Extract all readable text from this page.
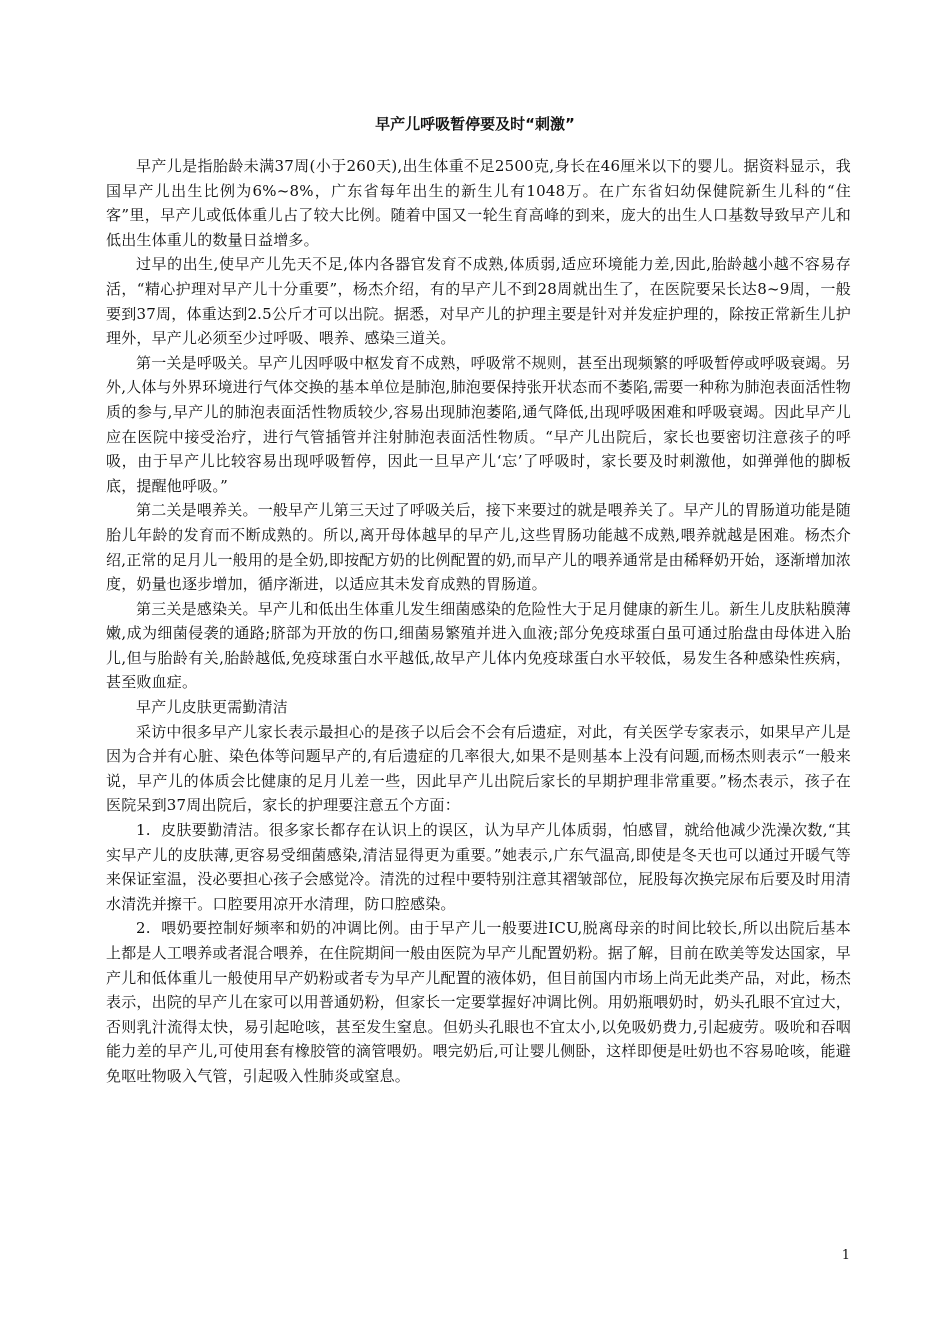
早产儿呼吸暂停要及时“刺激”

早产儿是指胎龄未满37周(小于260天),出生体重不足2500克,身长在46厘米以下的婴儿。据资料显示，我国早产儿出生比例为6%~8%，广东省每年出生的新生儿有1048万。在广东省妇幼保健院新生儿科的“住客”里，早产儿或低体重儿占了较大比例。随着中国又一轮生育高峰的到来，庞大的出生人口基数导致早产儿和低出生体重儿的数量日益增多。

过早的出生,使早产儿先天不足,体内各器官发育不成熟,体质弱,适应环境能力差,因此,胎龄越小越不容易存活，“精心护理对早产儿十分重要”，杨杰介绍，有的早产儿不到28周就出生了，在医院要呆长达8~9周，一般要到37周，体重达到2.5公斤才可以出院。据悉，对早产儿的护理主要是针对并发症护理的，除按正常新生儿护理外，早产儿必须至少过呼吸、喂养、感染三道关。

第一关是呼吸关。早产儿因呼吸中枢发育不成熟，呼吸常不规则，甚至出现频繁的呼吸暂停或呼吸衰竭。另外,人体与外界环境进行气体交换的基本单位是肺泡,肺泡要保持张开状态而不萎陷,需要一种称为肺泡表面活性物质的参与,早产儿的肺泡表面活性物质较少,容易出现肺泡萎陷,通气降低,出现呼吸困难和呼吸衰竭。因此早产儿应在医院中接受治疗，进行气管插管并注射肺泡表面活性物质。“早产儿出院后，家长也要密切注意孩子的呼吸，由于早产儿比较容易出现呼吸暂停，因此一旦早产儿‘忘’了呼吸时，家长要及时刺激他，如弹弹他的脚板底，提醒他呼吸。”

第二关是喂养关。一般早产儿第三天过了呼吸关后，接下来要过的就是喂养关了。早产儿的胃肠道功能是随胎儿年龄的发育而不断成熟的。所以,离开母体越早的早产儿,这些胃肠功能越不成熟,喂养就越是困难。杨杰介绍,正常的足月儿一般用的是全奶,即按配方奶的比例配置的奶,而早产儿的喂养通常是由稀释奶开始，逐渐增加浓度，奶量也逐步增加，循序渐进，以适应其未发育成熟的胃肠道。

第三关是感染关。早产儿和低出生体重儿发生细菌感染的危险性大于足月健康的新生儿。新生儿皮肤粘膜薄嫩,成为细菌侵袭的通路;脐部为开放的伤口,细菌易繁殖并进入血液;部分免疫球蛋白虽可通过胎盘由母体进入胎儿,但与胎龄有关,胎龄越低,免疫球蛋白水平越低,故早产儿体内免疫球蛋白水平较低，易发生各种感染性疾病，甚至败血症。

早产儿皮肤更需勤清洁

采访中很多早产儿家长表示最担心的是孩子以后会不会有后遗症，对此，有关医学专家表示，如果早产儿是因为合并有心脏、染色体等问题早产的,有后遗症的几率很大,如果不是则基本上没有问题,而杨杰则表示“一般来说，早产儿的体质会比健康的足月儿差一些，因此早产儿出院后家长的早期护理非常重要。”杨杰表示，孩子在医院呆到37周出院后，家长的护理要注意五个方面：

1.  皮肤要勤清洁。很多家长都存在认识上的误区，认为早产儿体质弱，怕感冒，就给他减少洗澡次数,“其实早产儿的皮肤薄,更容易受细菌感染,清洁显得更为重要。”她表示,广东气温高,即使是冬天也可以通过开暖气等来保证室温，没必要担心孩子会感觉冷。清洗的过程中要特别注意其褶皱部位，屁股每次换完尿布后要及时用清水清洗并擦干。口腔要用凉开水清理，防口腔感染。

2.  喂奶要控制好频率和奶的冲调比例。由于早产儿一般要进ICU,脱离母亲的时间比较长,所以出院后基本上都是人工喂养或者混合喂养，在住院期间一般由医院为早产儿配置奶粉。据了解，目前在欧美等发达国家，早产儿和低体重儿一般使用早产奶粉或者专为早产儿配置的液体奶，但目前国内市场上尚无此类产品，对此，杨杰表示，出院的早产儿在家可以用普通奶粉，但家长一定要掌握好冲调比例。用奶瓶喂奶时，奶头孔眼不宜过大，否则乳汁流得太快，易引起呛咳，甚至发生窒息。但奶头孔眼也不宜太小,以免吸奶费力,引起疲劳。吸吮和吞咽能力差的早产儿,可使用套有橡胶管的滴管喂奶。喂完奶后,可让婴儿侧卧，这样即便是吐奶也不容易呛咳，能避免呕吐物吸入气管，引起吸入性肺炎或窒息。

1
